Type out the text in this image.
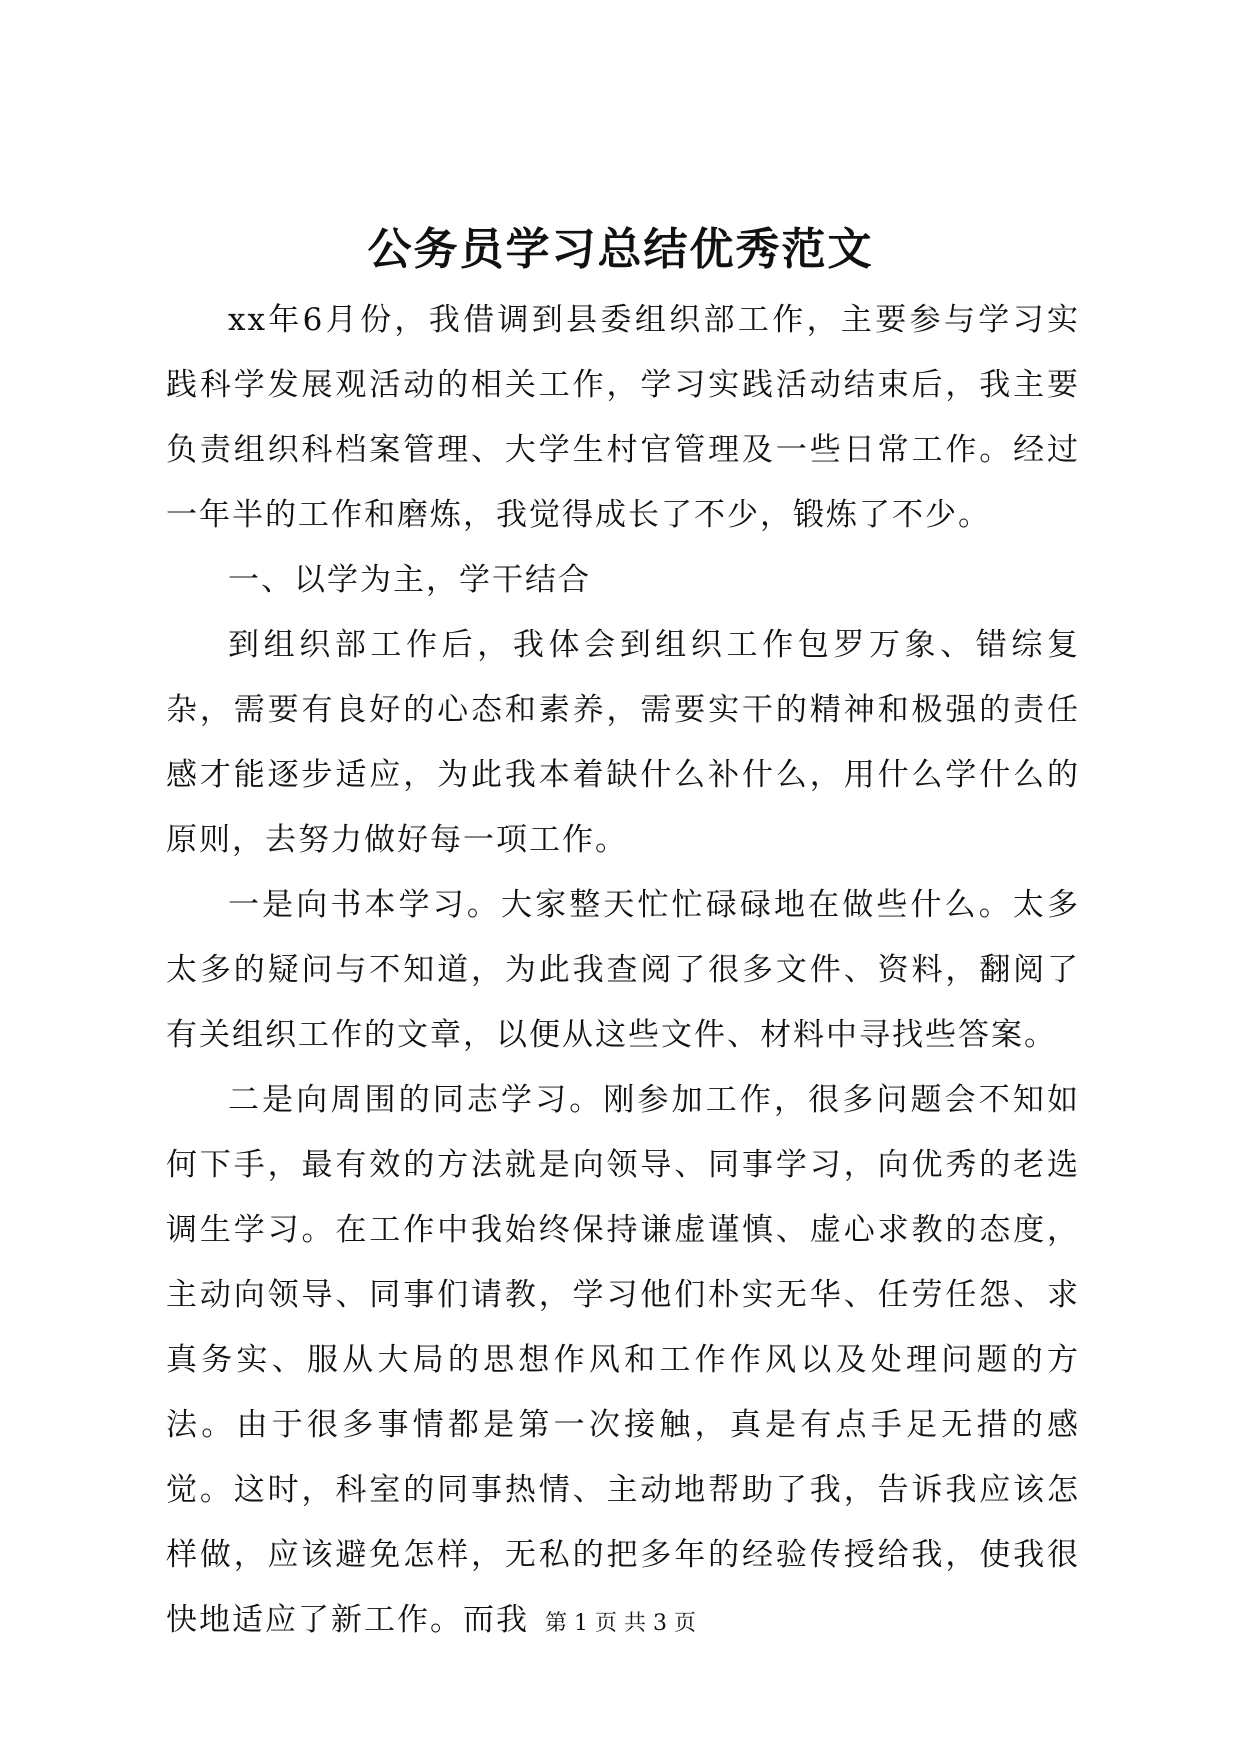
公务员学习总结优秀范文

xx年6月份，我借调到县委组织部工作，主要参与学习实践科学发展观活动的相关工作，学习实践活动结束后，我主要负责组织科档案管理、大学生村官管理及一些日常工作。经过一年半的工作和磨炼，我觉得成长了不少，锻炼了不少。

一、以学为主，学干结合

到组织部工作后，我体会到组织工作包罗万象、错综复杂，需要有良好的心态和素养，需要实干的精神和极强的责任感才能逐步适应，为此我本着缺什么补什么，用什么学什么的原则，去努力做好每一项工作。

一是向书本学习。大家整天忙忙碌碌地在做些什么。太多太多的疑问与不知道，为此我查阅了很多文件、资料，翻阅了有关组织工作的文章，以便从这些文件、材料中寻找些答案。

二是向周围的同志学习。刚参加工作，很多问题会不知如何下手，最有效的方法就是向领导、同事学习，向优秀的老选调生学习。在工作中我始终保持谦虚谨慎、虚心求教的态度，主动向领导、同事们请教，学习他们朴实无华、任劳任怨、求真务实、服从大局的思想作风和工作作风以及处理问题的方法。由于很多事情都是第一次接触，真是有点手足无措的感觉。这时，科室的同事热情、主动地帮助了我，告诉我应该怎样做，应该避免怎样，无私的把多年的经验传授给我，使我很快地适应了新工作。而我 第 1 页 共 3 页
